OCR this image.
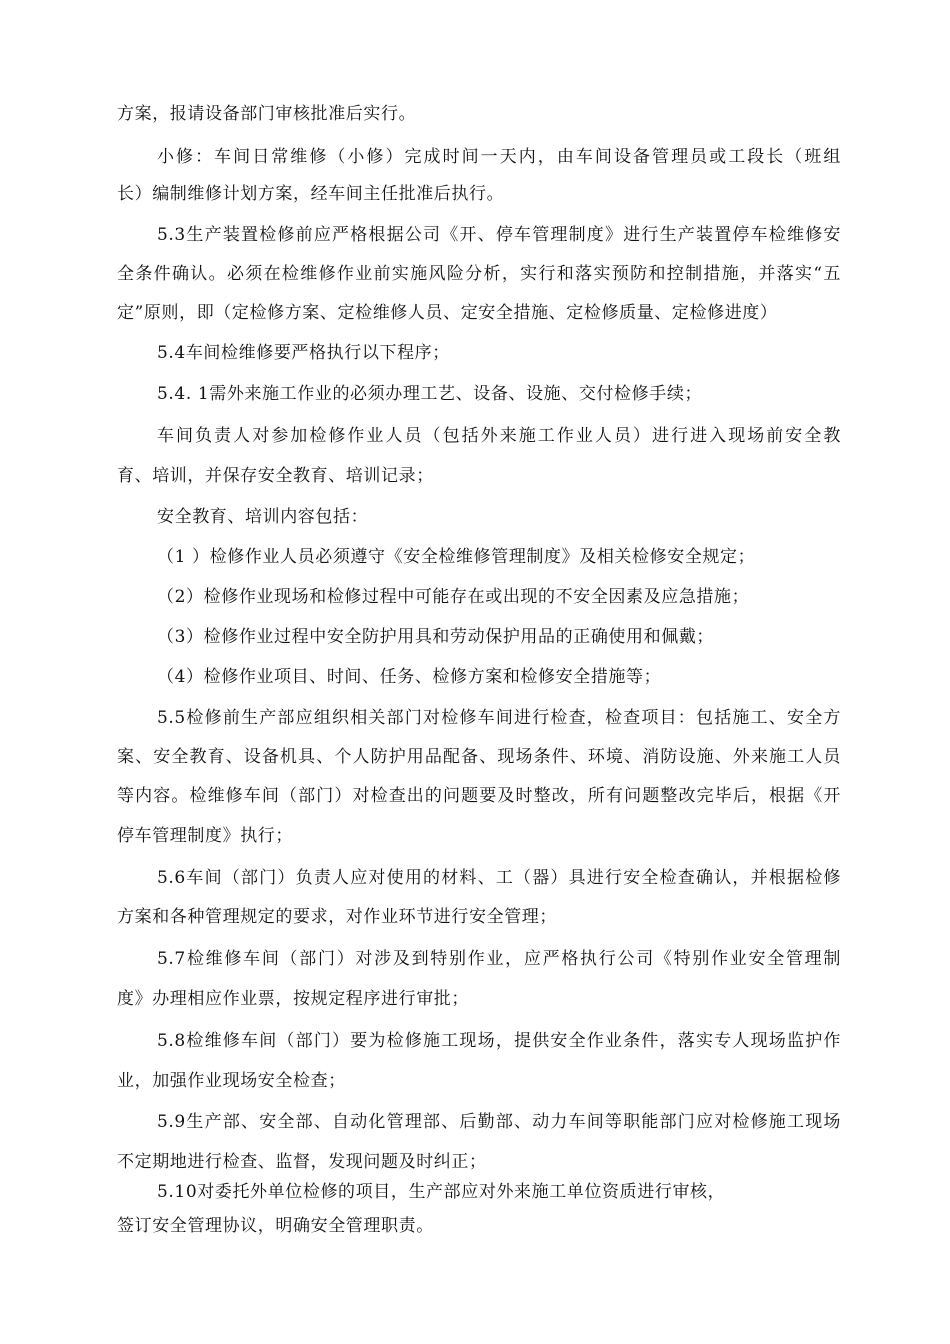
方案，报请设备部门审核批准后实行。
小修：车间日常维修（小修）完成时间一天内，由车间设备管理员或工段长（班组
长）编制维修计划方案，经车间主任批准后执行。
5.3生产装置检修前应严格根据公司《开、停车管理制度》进行生产装置停车检维修安
全条件确认。必须在检维修作业前实施风险分析，实行和落实预防和控制措施，并落实“五
定”原则，即（定检修方案、定检维修人员、定安全措施、定检修质量、定检修进度）
5.4车间检维修要严格执行以下程序；
5.4. 1需外来施工作业的必须办理工艺、设备、设施、交付检修手续；
车间负责人对参加检修作业人员（包括外来施工作业人员）进行进入现场前安全教
育、培训，并保存安全教育、培训记录；
安全教育、培训内容包括：
（1 ）检修作业人员必须遵守《安全检维修管理制度》及相关检修安全规定；
（2）检修作业现场和检修过程中可能存在或出现的不安全因素及应急措施；
（3）检修作业过程中安全防护用具和劳动保护用品的正确使用和佩戴；
（4）检修作业项目、时间、任务、检修方案和检修安全措施等；
5.5检修前生产部应组织相关部门对检修车间进行检查，检查项目：包括施工、安全方
案、安全教育、设备机具、个人防护用品配备、现场条件、环境、消防设施、外来施工人员
等内容。检维修车间（部门）对检查出的问题要及时整改，所有问题整改完毕后，根据《开
停车管理制度》执行；
5.6车间（部门）负责人应对使用的材料、工（器）具进行安全检查确认，并根据检修
方案和各种管理规定的要求，对作业环节进行安全管理；
5.7检维修车间（部门）对涉及到特别作业，应严格执行公司《特别作业安全管理制
度》办理相应作业票，按规定程序进行审批；
5.8检维修车间（部门）要为检修施工现场，提供安全作业条件，落实专人现场监护作
业，加强作业现场安全检查；
5.9生产部、安全部、自动化管理部、后勤部、动力车间等职能部门应对检修施工现场
不定期地进行检查、监督，发现问题及时纠正；
5.10对委托外单位检修的项目，生产部应对外来施工单位资质进行审核，
签订安全管理协议，明确安全管理职责。
